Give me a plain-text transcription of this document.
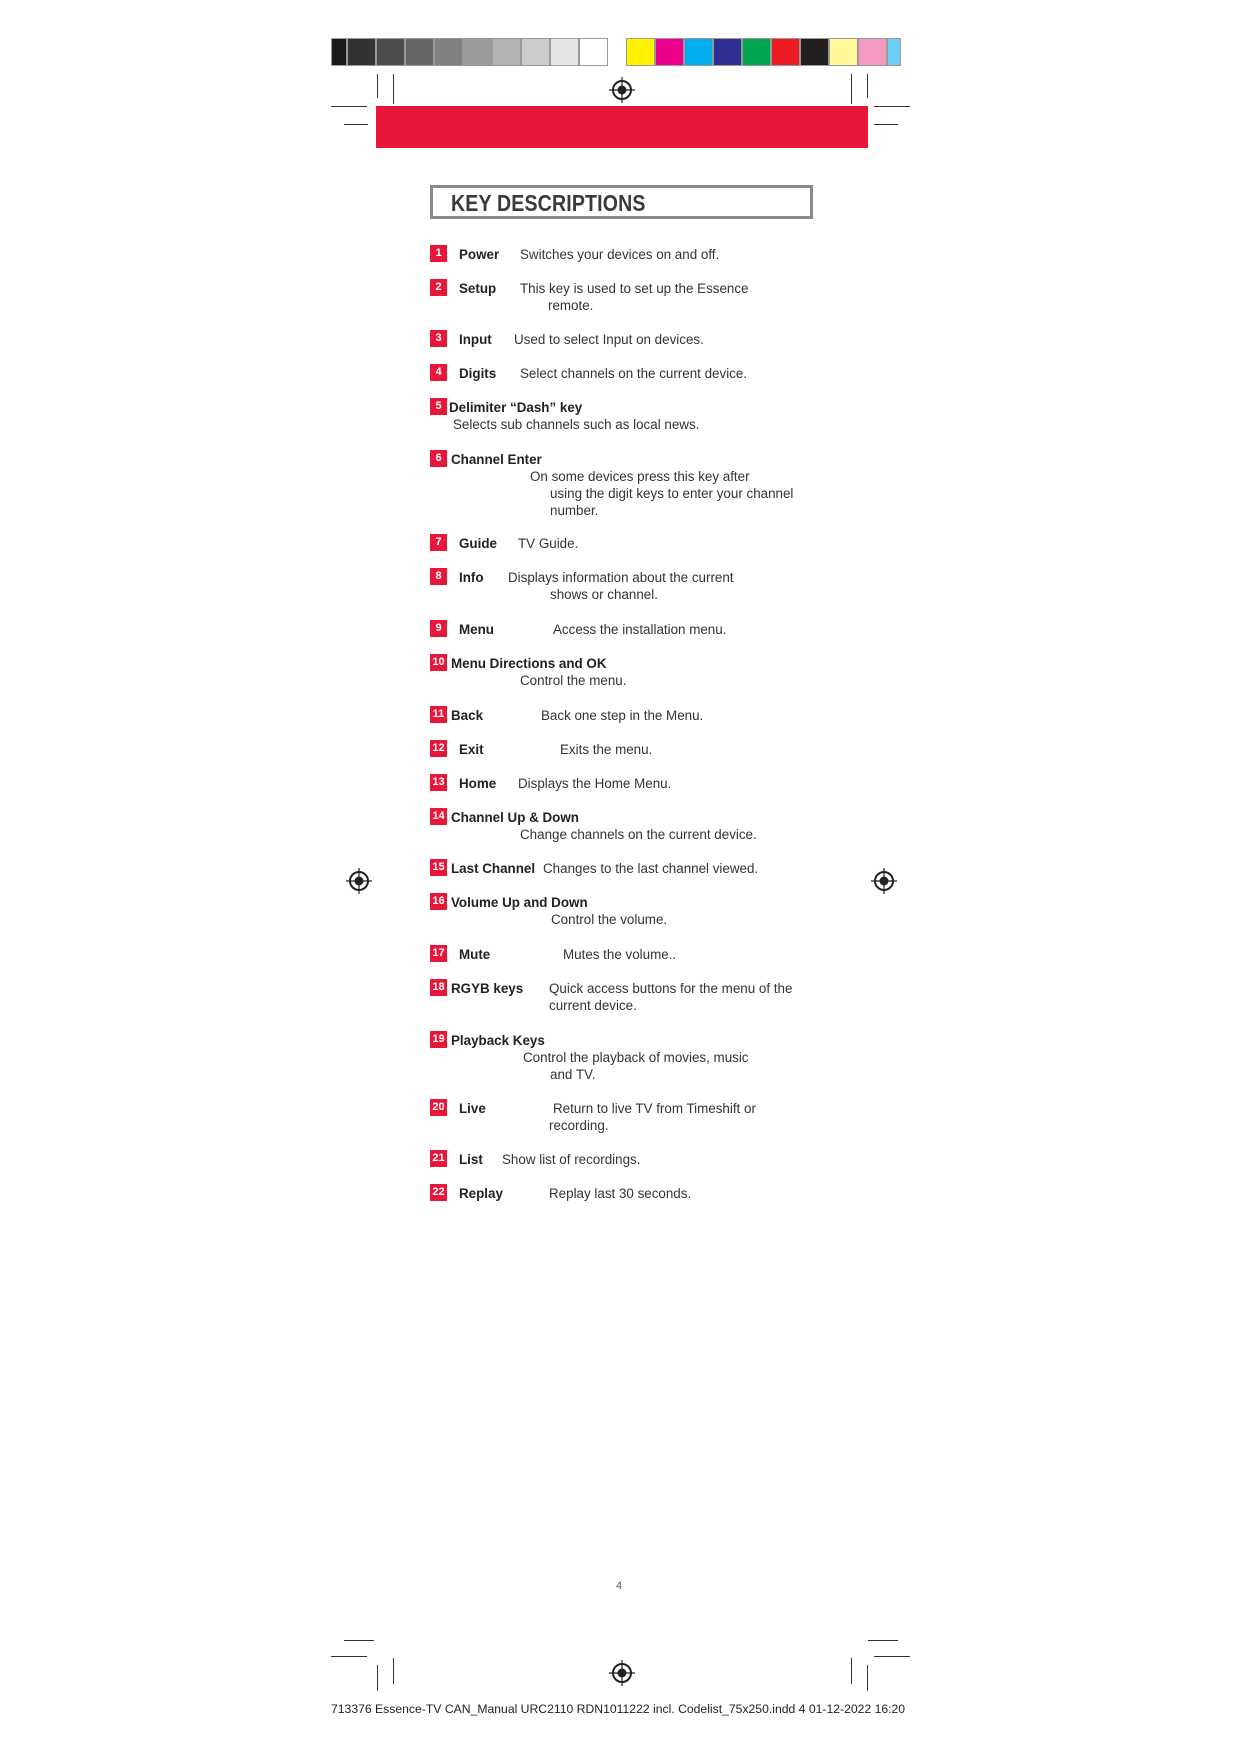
KEY DESCRIPTIONS
1	Power Switches your devices on and off.
2	Setup This key is used to set up the Essence
remote.
3	Input Used to select Input on devices.
4	Digits Select channels on the current device.
5 Delimiter “Dash” key
Selects sub channels such as local news.
6 Channel Enter
On some devices press this key after
using the digit keys to enter your channel
number.
7	Guide TV Guide.
8	Info Displays information about the current
shows or channel.
9	Menu	Access the installation menu.
10 Menu Directions and OK
Control the menu.
11 Back	Back one step in the Menu.
12 Exit	Exits the menu.
13 Home Displays the Home Menu.
14 Channel Up & Down
Change channels on the current device.
15 Last Channel Changes to the last channel viewed.
16 Volume Up and Down
Control the volume.
17 Mute	Mutes the volume..
18 RGYB keys Quick access buttons for the menu of the
current device.
19 Playback Keys
Control the playback of movies, music
and TV.
20 Live	Return to live TV from Timeshift or
recording.
21 List Show list of recordings.
22 Replay	Replay last 30 seconds.
4
713376 Essence-TV CAN_Manual URC2110 RDN1011222 incl. Codelist_75x250.indd 4 01-12-2022 16:20
